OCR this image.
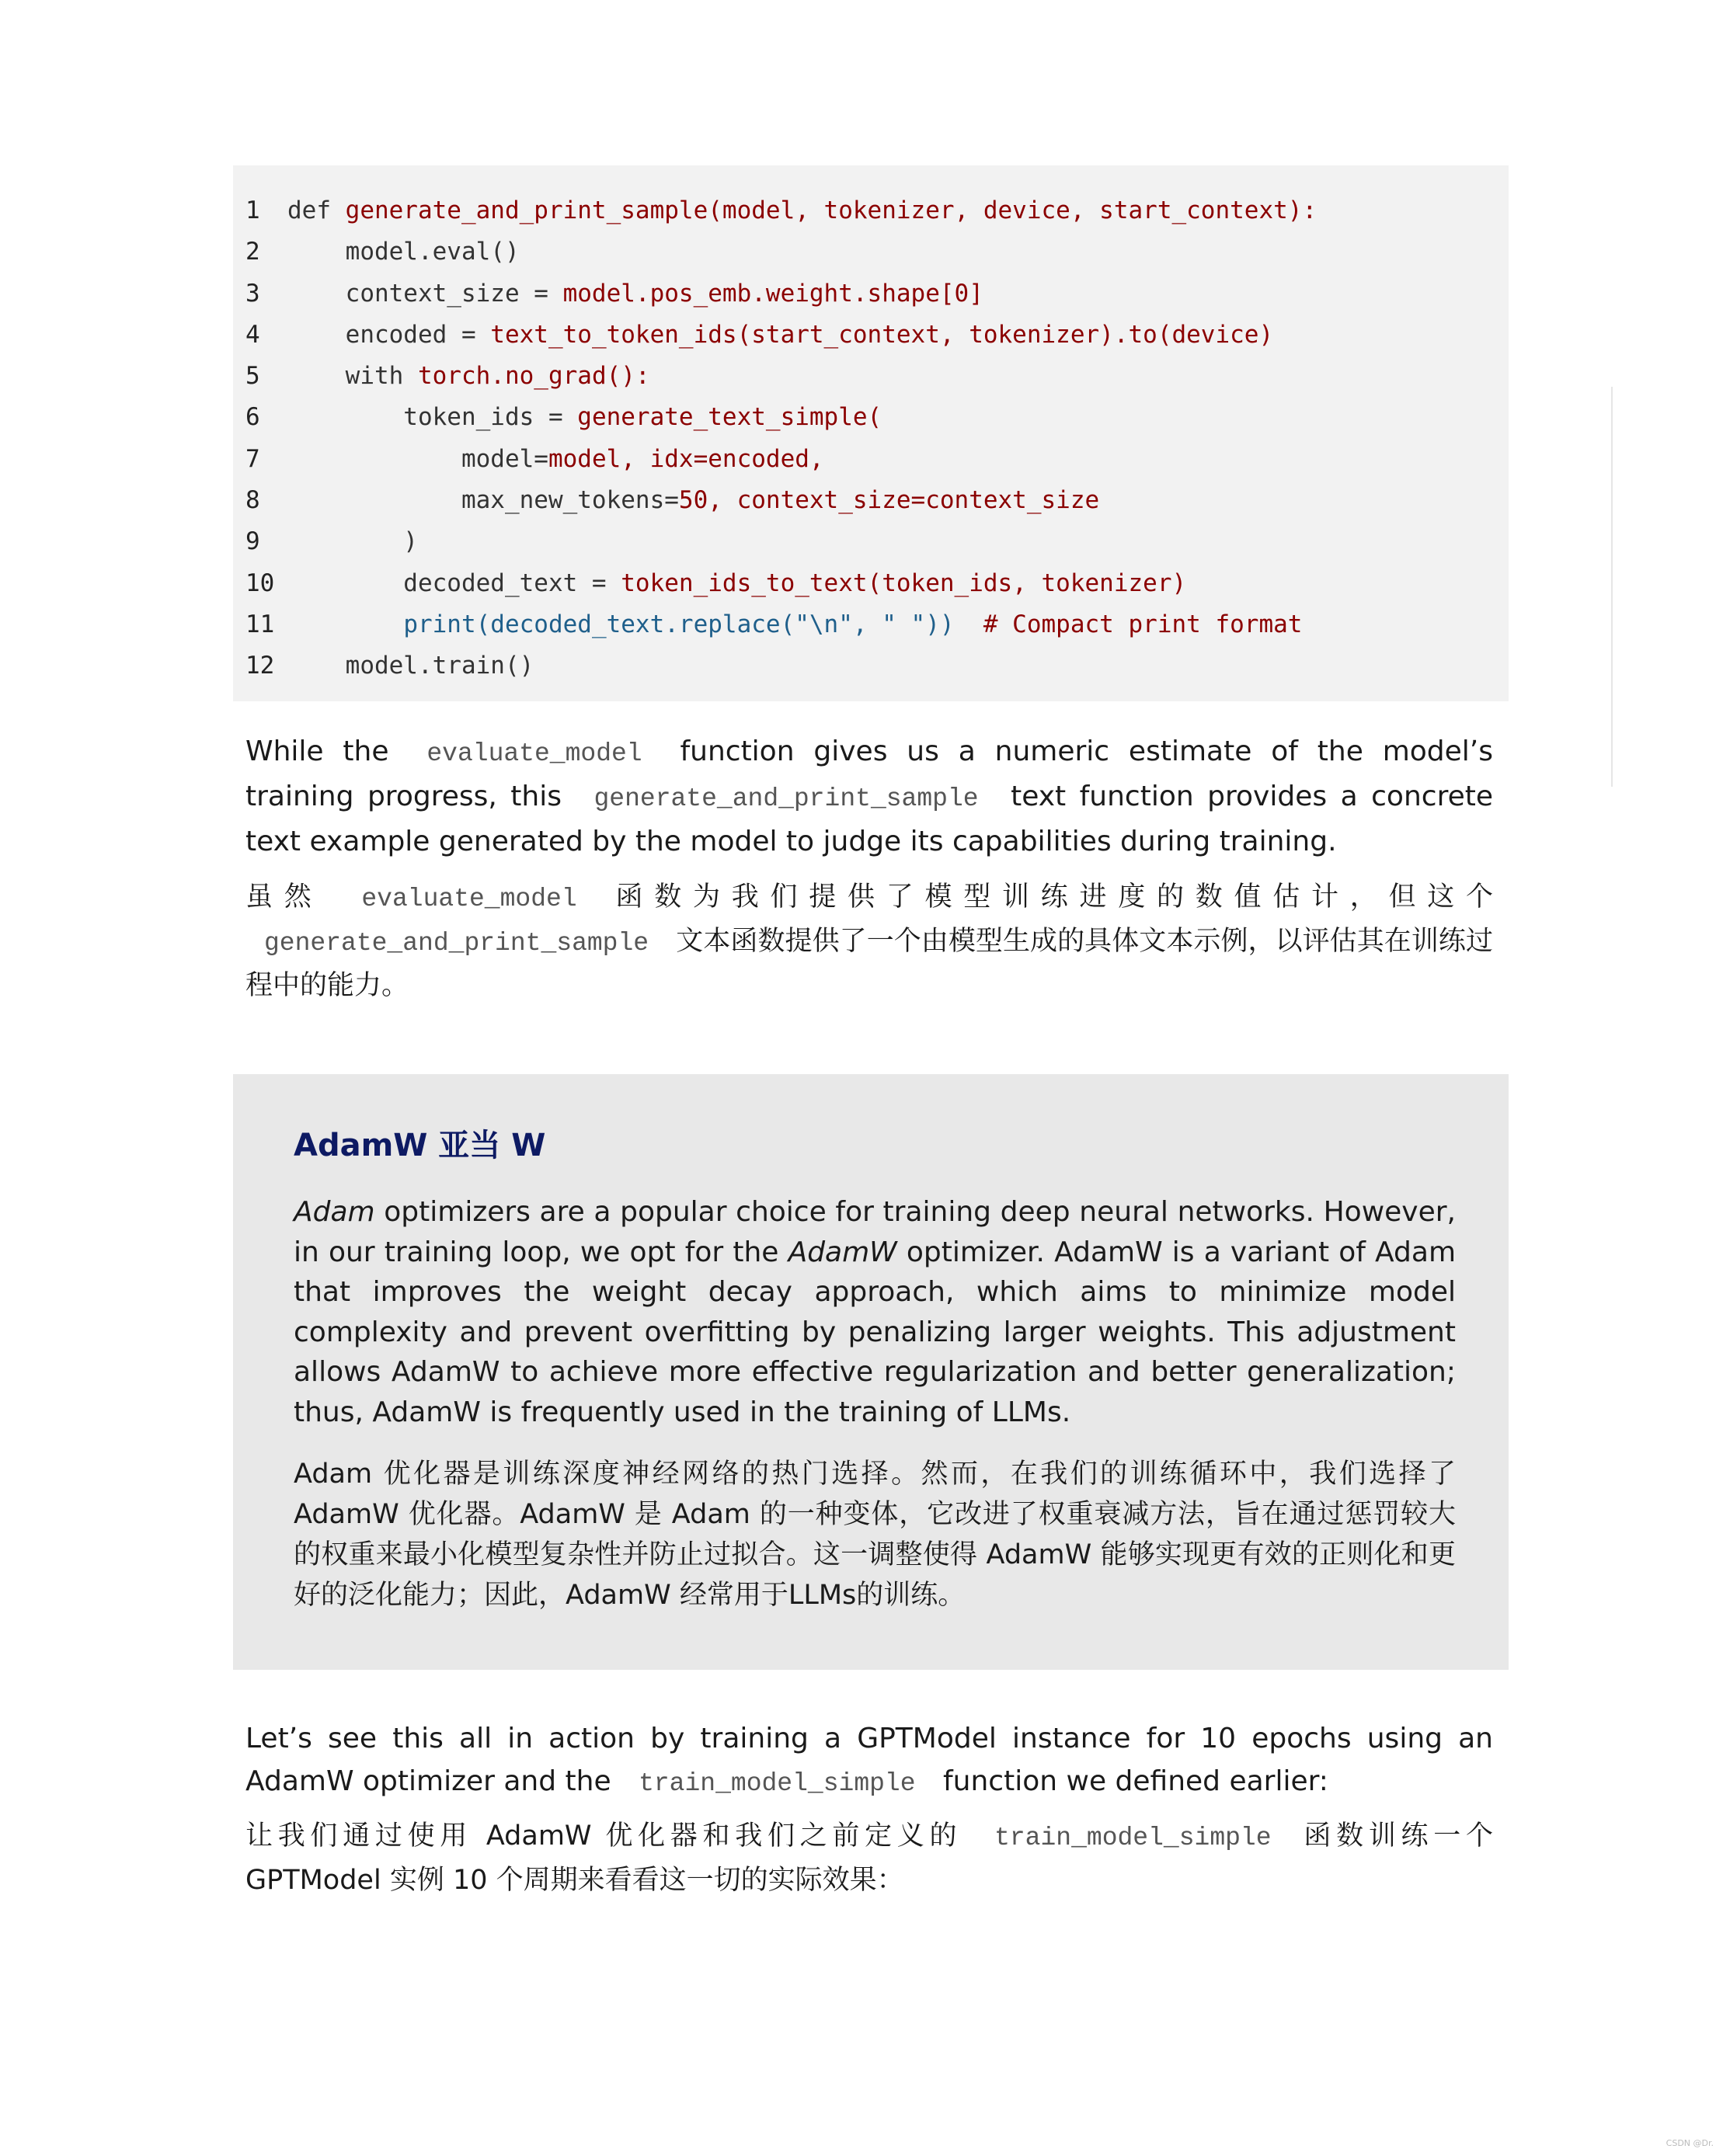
1	def generate_and_print_sample(model, tokenizer, device, start_context):
2	model.eval()
3	context_size = model.pos_emb.weight.shape[0]
4	encoded = text_to_token_ids(start_context, tokenizer).to(device)
5	with torch.no_grad():
6	token_ids = generate_text_simple(
7	model= model, idx=encoded,
8	max_new_tokens= 50, context_size=context_size
9	)
10 decoded_text = token_ids_to_text(token_ids, tokenizer)
11
	print(decoded_text.replace("\n", " ")) # Compact print format
12 model.train()

While the evaluate_model function gives us a numeric estimate of the model’s training progress, this generate_and_print_sample text function provides a concrete text example generated by the model to judge its capabilities during training.

虽然 evaluate_model 函数为我们提供了模型训练进度的数值估计，但这个 generate_and_print_sample 文本函数提供了一个由模型生成的具体文本示例，以评估其在训练过程中的能力。

AdamW 亚当 W

Adam optimizers are a popular choice for training deep neural networks. However, in our training loop, we opt for the AdamW optimizer. AdamW is a variant of Adam that improves the weight decay approach, which aims to minimize model complexity and prevent overfitting by penalizing larger weights. This adjustment allows AdamW to achieve more effective regularization and better generalization; thus, AdamW is frequently used in the training of LLMs.

Adam 优化器是训练深度神经网络的热门选择。然而，在我们的训练循环中，我们选择了 AdamW 优化器。AdamW 是 Adam 的一种变体，它改进了权重衰减方法，旨在通过惩罚较大的权重来最小化模型复杂性并防止过拟合。这一调整使得 AdamW 能够实现更有效的正则化和更好的泛化能力；因此，AdamW 经常用于LLMs的训练。

Let’s see this all in action by training a GPTModel instance for 10 epochs using an AdamW optimizer and the train_model_simple function we defined earlier:

让我们通过使用 AdamW 优化器和我们之前定义的 train_model_simple 函数训练一个 GPTModel 实例 10 个周期来看看这一切的实际效果：

CSDN @Dr.
